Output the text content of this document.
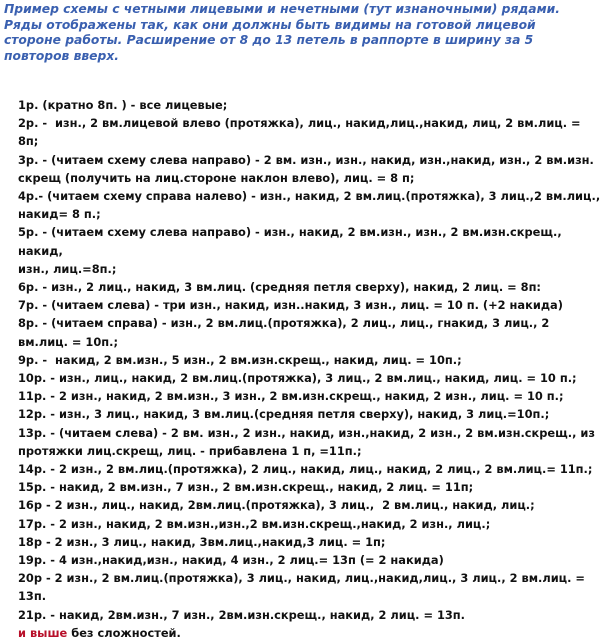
Пример схемы с четными лицевыми и нечетными (тут изнаночными) рядами.
Ряды отображены так, как они должны быть видимы на готовой лицевой
стороне работы. Расширение от 8 до 13 петель в раппорте в ширину за 5
повторов вверх.
1р. (кратно 8п. ) - все лицевые;
2р. -  изн., 2 вм.лицевой влево (протяжка), лиц., накид,лиц.,накид, лиц, 2 вм.лиц. = 8п;
3р. - (читаем схему слева направо) - 2 вм. изн., изн., накид, изн.,накид, изн., 2 вм.изн.
скрещ (получить на лиц.стороне наклон влево), лиц. = 8 п;
4р.- (читаем схему справа налево) - изн., накид, 2 вм.лиц.(протяжка), 3 лиц.,2 вм.лиц.,
накид= 8 п.;
5р. - (читаем схему слева направо) - изн., накид, 2 вм.изн., изн., 2 вм.изн.скрещ., накид,
изн., лиц.=8п.;
6р. - изн., 2 лиц., накид, 3 вм.лиц. (средняя петля сверху), накид, 2 лиц. = 8п:
7р. - (читаем слева) - три изн., накид, изн..накид, 3 изн., лиц. = 10 п. (+2 накида)
8р. - (читаем справа) - изн., 2 вм.лиц.(протяжка), 2 лиц., лиц., гнакид, 3 лиц., 2
вм.лиц. = 10п.;
9р. -  накид, 2 вм.изн., 5 изн., 2 вм.изн.скрещ., накид, лиц. = 10п.;
10р. - изн., лиц., накид, 2 вм.лиц.(протяжка), 3 лиц., 2 вм.лиц., накид, лиц. = 10 п.;
11р. - 2 изн., накид, 2 вм.изн., 3 изн., 2 вм.изн.скрещ., накид, 2 изн., лиц. = 10 п.;
12р. - изн., 3 лиц., накид, 3 вм.лиц.(средняя петля сверху), накид, 3 лиц.=10п.;
13р. - (читаем слева) - 2 вм. изн., 2 изн., накид, изн.,накид, 2 изн., 2 вм.изн.скрещ., из
протяжки лиц.скрещ, лиц. - прибавлена 1 п, =11п.;
14р. - 2 изн., 2 вм.лиц.(протяжка), 2 лиц., накид, лиц., накид, 2 лиц., 2 вм.лиц.= 11п.;
15р. - накид, 2 вм.изн., 7 изн., 2 вм.изн.скрещ., накид, 2 лиц. = 11п;
16р - 2 изн., лиц., накид, 2вм.лиц.(протяжка), 3 лиц.,  2 вм.лиц., накид, лиц.;
17р. - 2 изн., накид, 2 вм.изн.,изн.,2 вм.изн.скрещ.,накид, 2 изн., лиц.;
18р - 2 изн., 3 лиц., накид, 3вм.лиц.,накид,3 лиц. = 1п;
19р. - 4 изн.,накид,изн., накид, 4 изн., 2 лиц.= 13п (= 2 накида)
20р - 2 изн., 2 вм.лиц.(протяжка), 3 лиц., накид, лиц.,накид,лиц., 3 лиц., 2 вм.лиц. = 13п.
21р. - накид, 2вм.изн., 7 изн., 2вм.изн.скрещ., накид, 2 лиц. = 13п.
и выше без сложностей.
